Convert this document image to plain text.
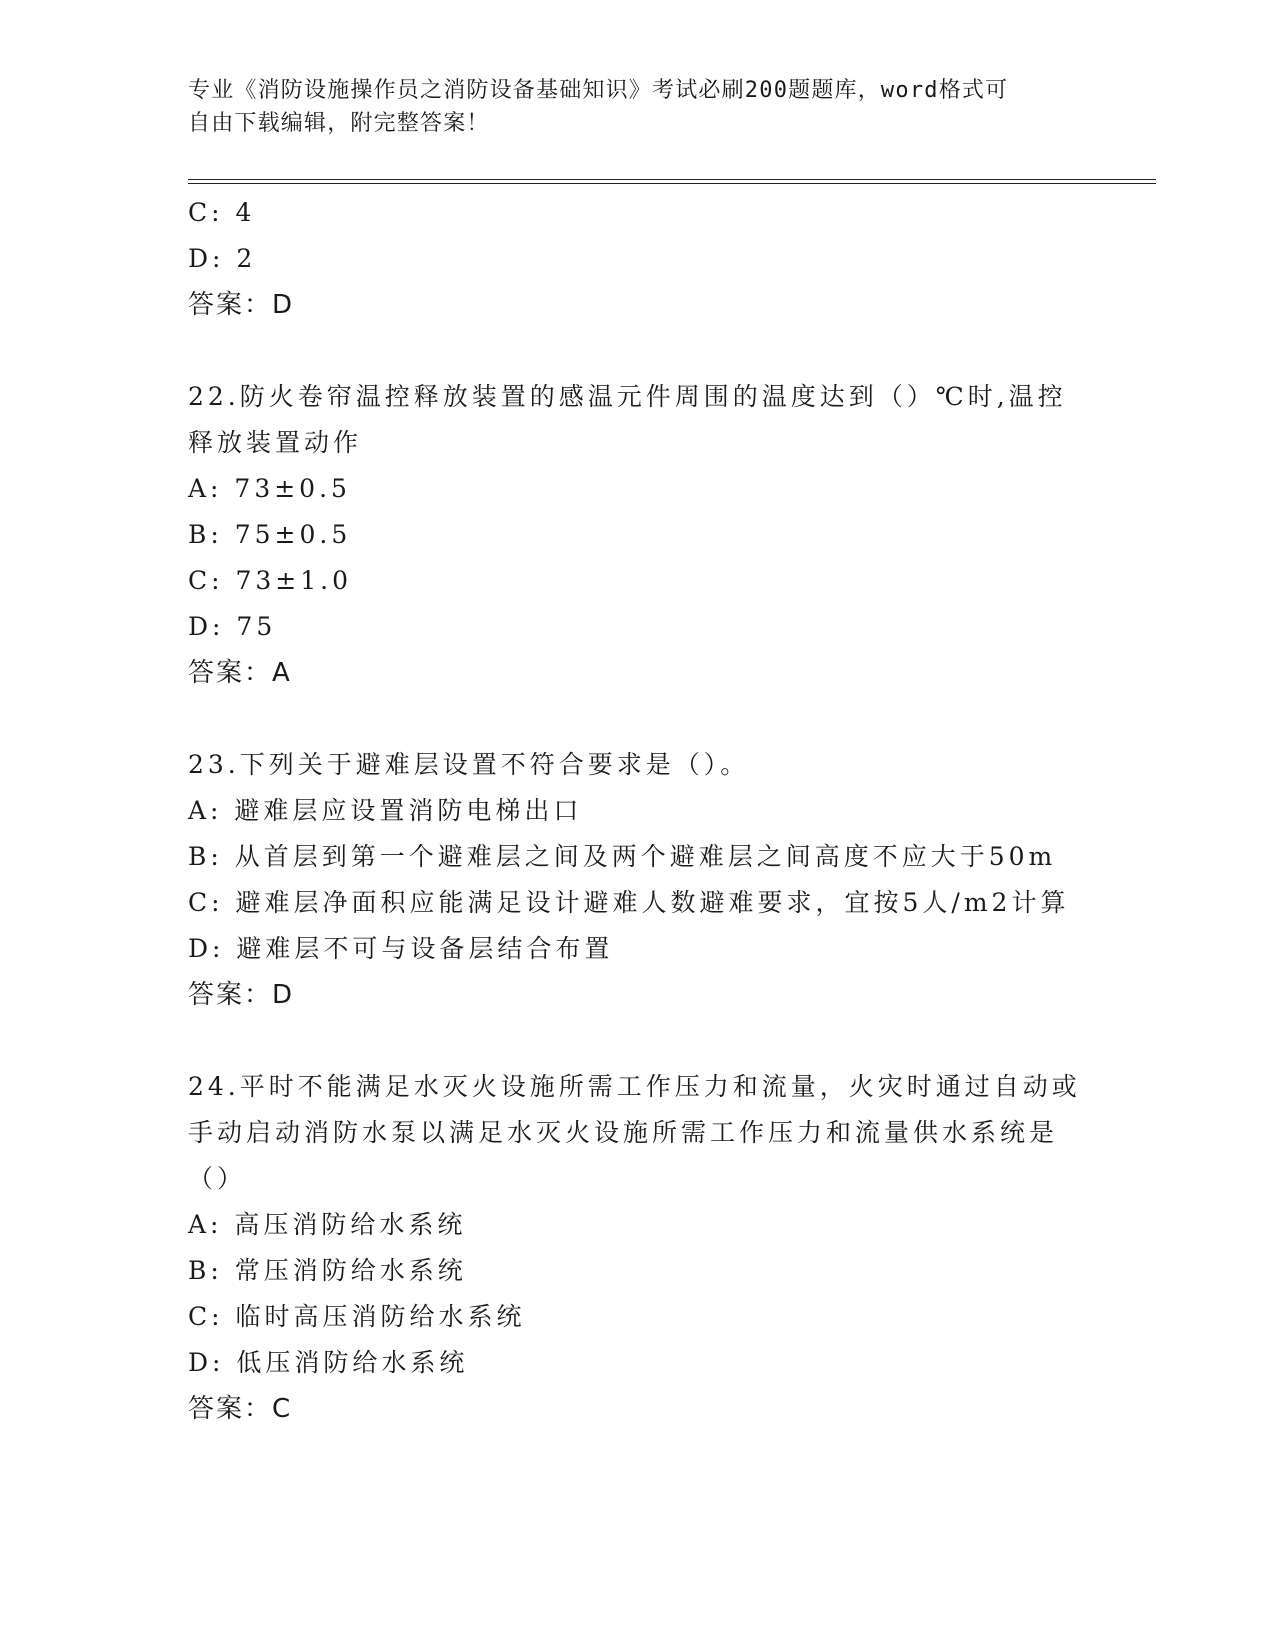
专业《消防设施操作员之消防设备基础知识》考试必刷200题题库，word格式可
自由下载编辑，附完整答案！
C: 4
D: 2
答案：D
22.防火卷帘温控释放装置的感温元件周围的温度达到（）℃时,温控
释放装置动作
A: 73±0.5
B: 75±0.5
C: 73±1.0
D: 75
答案：A
23.下列关于避难层设置不符合要求是（）。
A: 避难层应设置消防电梯出口
B: 从首层到第一个避难层之间及两个避难层之间高度不应大于50m
C: 避难层净面积应能满足设计避难人数避难要求，宜按5人/m2计算
D: 避难层不可与设备层结合布置
答案：D
24.平时不能满足水灭火设施所需工作压力和流量，火灾时通过自动或
手动启动消防水泵以满足水灭火设施所需工作压力和流量供水系统是
（）
A: 高压消防给水系统
B: 常压消防给水系统
C: 临时高压消防给水系统
D: 低压消防给水系统
答案：C
